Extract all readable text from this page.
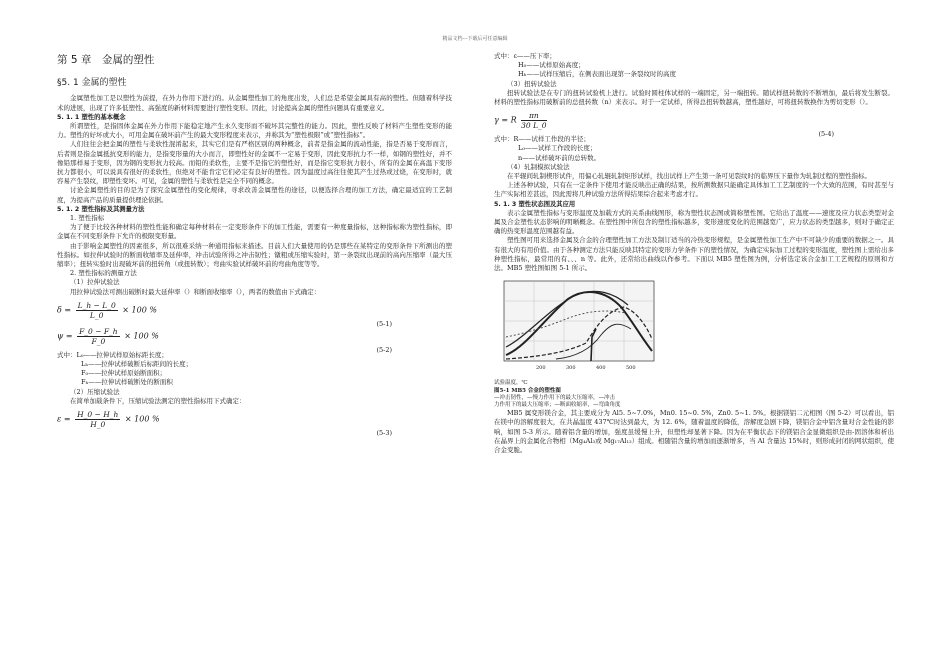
精品文档---下载后可任意编辑
第 5 章　金属的塑性
§5. 1 金属的塑性

金属塑性加工是以塑性为前提，在外力作用下进行的。从金属塑性加工的角度出发，人们总是希望金属具有高的塑性。但随着科学技术的进展，出现了许多低塑性、高强度的新材料需要进行塑性变形。因此，讨论提高金属的塑性问题具有重要意义。

5. 1. 1 塑性的基本概念

所谓塑性，是指固体金属在外力作用下能稳定地产生永久变形而不破坏其完整性的能力。因此，塑性反映了材料产生塑性变形的能力。塑性的好坏或大小，可用金属在破坏前产生的最大变形程度来表示，并称其为“塑性极限”或“塑性指标”。

人们往往会把金属的塑性与柔软性混淆起来，其实它们是有严格区别的两种概念，前者是指金属的流动性能，指是否易于变形而言，后者则是指金属抵抗变形的能力，是指变形量的大小而言，即塑性好的金属不一定易于变形，因此变形抗力不一样，如钢的塑性好，并不像铅那样易于变形，因为钢的变形抗力较高。而铅的柔软性，主要不是指它的塑性好，而是指它变形抗力很小，所有的金属在高温下变形抗力都很小，可以说具有很好的柔软性，但绝对不能肯定它们必定有良好的塑性。因为温度过高往往使其产生过热或过烧，在变形时，就容易产生裂纹，即塑性变坏。可见，金属的塑性与柔软性是完全不同的概念。

讨论金属塑性的目的是为了探究金属塑性的变化规律，寻求改善金属塑性的途径，以便选择合理的加工方法，确定最适宜的工艺制度，为提高产品的质量提供理论依据。

5. 1. 2 塑性指标及其测量方法

1. 塑性指标

为了便于比较各种材料的塑性性能和确定每种材料在一定变形条件下的加工性能，需要有一种度量指标，这种指标称为塑性指标，即金属在不同变形条件下允许的极限变形量。

由于影响金属塑性的因素很多，所以很难采纳一种通用指标来描述。目前人们大量使用的仍是那些在某特定的变形条件下所测出的塑性指标。如拉伸试验时的断面收缩率及延伸率，冲击试验所得之冲击韧性；镦粗或压缩实验时，第一条裂纹出现前的高向压缩率（最大压缩率）；扭转实验时出现破坏前的扭转角（或扭转数）；弯曲实验试样破坏前的弯曲角度等等。

2. 塑性指标的测量方法

（1）拉伸试验法

用拉伸试验法可测出破断时最大延伸率（）和断面收缩率（），两者的数值由下式确定：

$\delta = \frac{L\_h - L\_0}{L\_0} \times 100$ %
(5-1)
$\psi = \frac{F\_0 - F\_h}{F\_0} \times 100$ %
(5-2)

式中：L₀——拉伸试样原始标距长度；

Lₕ——拉伸试样破断后标距间的长度；

F₀——拉伸试样原始断面积；

Fₕ——拉伸试样破断处的断面积

（2）压缩试验法

在简单加载条件下，压缩试验法测定的塑性指标用下式确定：

$\varepsilon = \frac{H\_0 - H\_h}{H\_0} \times 100$ %
(5-3)

式中：ε——压下率；

H₀——试样原始高度；

Hₕ——试样压缩后，在侧表面出现第一条裂纹时的高度

（3）扭转试验法

扭转试验法是在专门的扭转试验机上进行。试验时圆柱体试样的一端固定，另一端扭转。随试样扭转数的不断增加，最后将发生断裂。材料的塑性指标用破断前的总扭转数（n）来表示。对于一定试样，所得总扭转数越高，塑性越好，可将扭转数换作为剪切变形（）。

γ = R $\frac{\pi n}{30 L\_0}$
(5-4)

式中：R——试样工作段的半径；

L₀——试样工作段的长度；

n——试样破坏前的总转数。

（4）轧制模拟试验法

在平辊间轧制楔形试件，用偏心轧辊轧制矩形试样，找出试样上产生第一条可见裂纹时的临界压下量作为轧制过程的塑性指标。

上述各种试验，只有在一定条件下使用才能反映出正确的结果，按所测数据只能确定具体加工工艺制度的一个大致的范围，有时甚至与生产实际相差甚远，因此需将几种试验方法所得结果综合起来考虑才行。

5. 1. 3 塑性状态图及其应用

表示金属塑性指标与变形温度及加载方式的关系曲线图形，称为塑性状态图或简称塑性图。它给出了温度——速度及应力状态类型对金属及合金塑性状态影响的明晰概念。在塑性图中所包含的塑性指标越多，变形速度变化的范围越宽广，应力状态的类型越多，则对于确定正确的热变形温度范围越有益。

塑性图可用来选择金属及合金的合理塑性加工方法及制订适当的冷热变形规程，是金属塑性加工生产中不可缺少的重要的数据之一。具有很大的有用价值。由于各种测定方法只能反映其特定的变形力学条件下的塑性情况，为确定实际加工过程的变形温度，塑性图上需给出多种塑性指标，最常用的有、、、n 等。此外，还常给出曲线以作参考。下面以 MB5 塑性图为例，分析选定该合金加工工艺规程的原则和方法。MB5 塑性图如图 5-1 所示。

200	300	400	500

试验温度，℃

图5-1 MB5 合金的塑性图

—冲击韧性，—慢力作用下的最大压缩率，—冲击

力作用下的最大压缩率；—断面收缩率，—弯曲角度

MB5 属变形镁合金，其主要成分为 Al5. 5~7.0%，Mn0. 15~0. 5%，Zn0. 5~1. 5%。根据镁铝二元相图（图 5-2）可以看出，铝在镁中的溶解度很大，在共晶温度 437℃时达到最大，为 12. 6%，随着温度的降低，溶解度急剧下降，镁铝合金中铝含量对合金性能的影响，如图 5-3 所示。随着铝含量的增加，强度虽缓慢上升，但塑性却显著下降。因为在平衡状态下的镁铝合金显微组织是由-固溶体和析出在晶界上的金属化合物相（Mg₄Al₃或 Mg₁₇Al₁₂）组成。相随铝含量的增加而逐渐增多，当 Al 含量达 15%时，则形成封闭的网状组织，使合金变脆。
